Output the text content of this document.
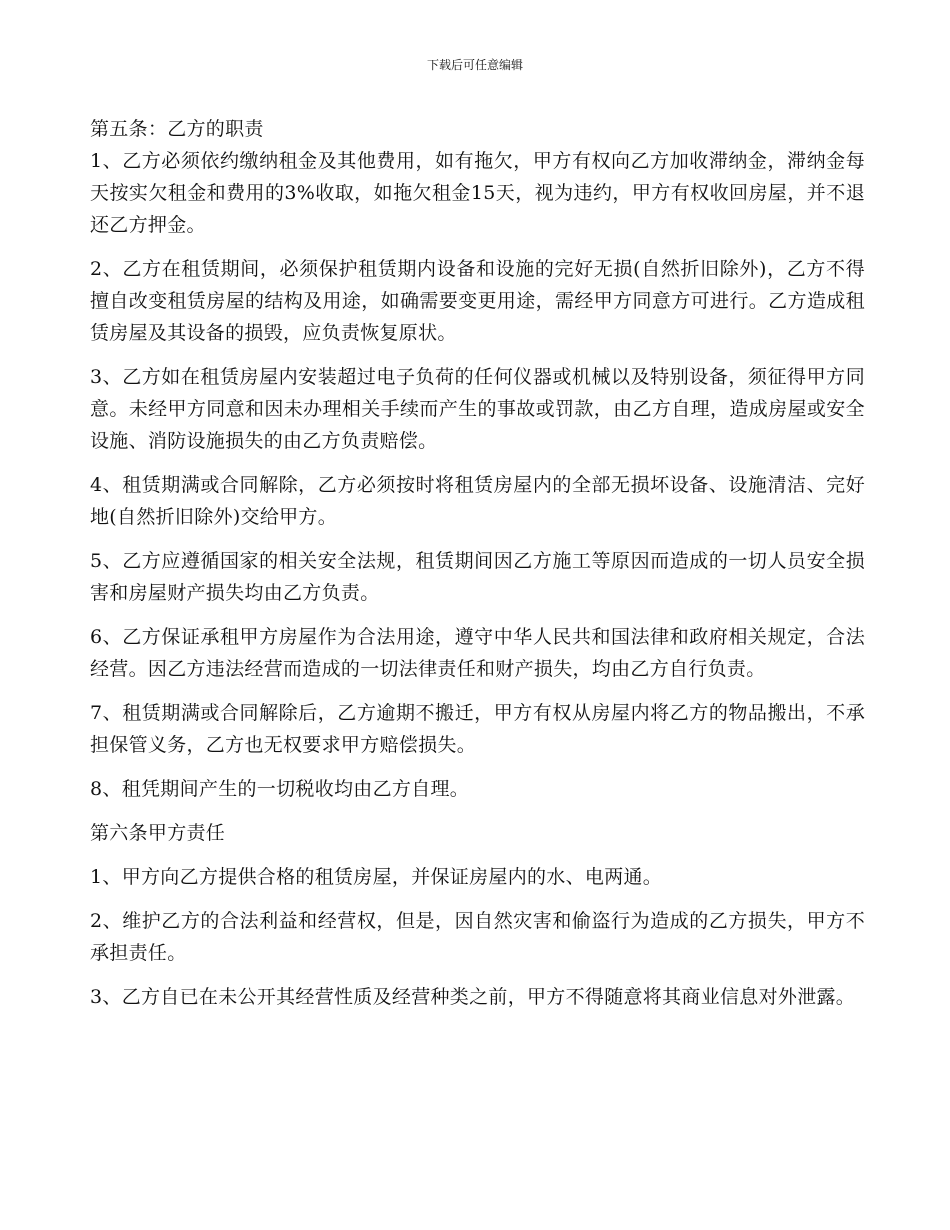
下载后可任意编辑

第五条：乙方的职责

1、乙方必须依约缴纳租金及其他费用，如有拖欠，甲方有权向乙方加收滞纳金，滞纳金每天按实欠租金和费用的3%收取，如拖欠租金15天，视为违约，甲方有权收回房屋，并不退还乙方押金。

2、乙方在租赁期间，必须保护租赁期内设备和设施的完好无损(自然折旧除外)，乙方不得擅自改变租赁房屋的结构及用途，如确需要变更用途，需经甲方同意方可进行。乙方造成租赁房屋及其设备的损毁，应负责恢复原状。

3、乙方如在租赁房屋内安装超过电子负荷的任何仪器或机械以及特别设备，须征得甲方同意。未经甲方同意和因未办理相关手续而产生的事故或罚款，由乙方自理，造成房屋或安全设施、消防设施损失的由乙方负责赔偿。

4、租赁期满或合同解除，乙方必须按时将租赁房屋内的全部无损坏设备、设施清洁、完好地(自然折旧除外)交给甲方。

5、乙方应遵循国家的相关安全法规，租赁期间因乙方施工等原因而造成的一切人员安全损害和房屋财产损失均由乙方负责。

6、乙方保证承租甲方房屋作为合法用途，遵守中华人民共和国法律和政府相关规定，合法经营。因乙方违法经营而造成的一切法律责任和财产损失，均由乙方自行负责。

7、租赁期满或合同解除后，乙方逾期不搬迁，甲方有权从房屋内将乙方的物品搬出，不承担保管义务，乙方也无权要求甲方赔偿损失。

8、租凭期间产生的一切税收均由乙方自理。

第六条甲方责任

1、甲方向乙方提供合格的租赁房屋，并保证房屋内的水、电两通。

2、维护乙方的合法利益和经营权，但是，因自然灾害和偷盗行为造成的乙方损失，甲方不承担责任。

3、乙方自已在未公开其经营性质及经营种类之前，甲方不得随意将其商业信息对外泄露。
